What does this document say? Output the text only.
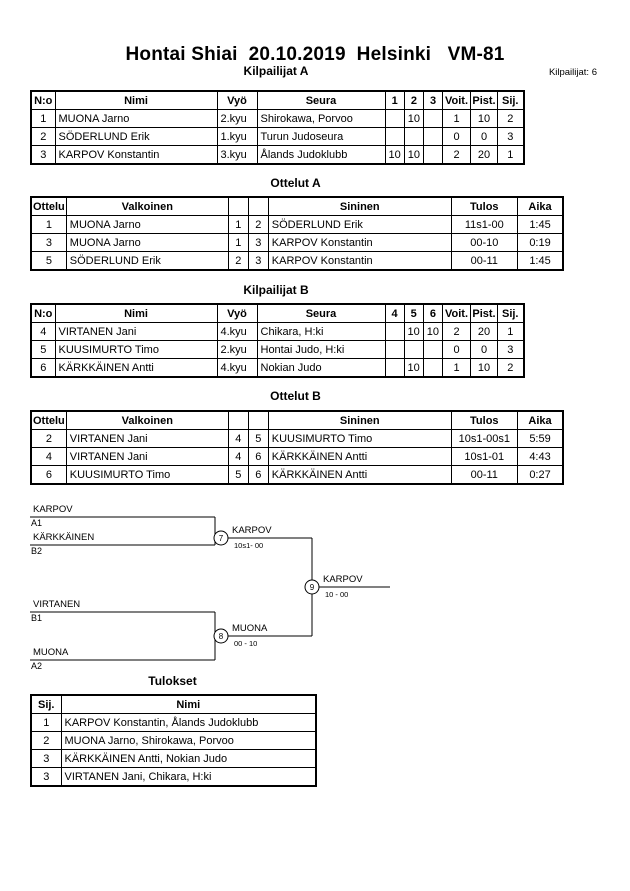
Hontai Shiai  20.10.2019  Helsinki   VM-81
Kilpailijat: 6
Kilpailijat A
N:o	Nimi	Vyö	Seura	1	2	3	Voit.	Pist.	Sij.
1	MUONA Jarno	2.kyu	Shirokawa, Porvoo		10		1	10	2
2	SÖDERLUND Erik	1.kyu	Turun Judoseura				0	0	3
3	KARPOV Konstantin	3.kyu	Ålands Judoklubb	10	10		2	20	1
Ottelut A
Ottelu	Valkoinen			Sininen	Tulos	Aika
1	MUONA Jarno	1	2	SÖDERLUND Erik	11s1-00	1:45
3	MUONA Jarno	1	3	KARPOV Konstantin	00-10	0:19
5	SÖDERLUND Erik	2	3	KARPOV Konstantin	00-11	1:45
Kilpailijat B
N:o	Nimi	Vyö	Seura	4	5	6	Voit.	Pist.	Sij.
4	VIRTANEN Jani	4.kyu	Chikara, H:ki		10	10	2	20	1
5	KUUSIMURTO Timo	2.kyu	Hontai Judo, H:ki				0	0	3
6	KÄRKKÄINEN Antti	4.kyu	Nokian Judo		10		1	10	2
Ottelut B
Ottelu	Valkoinen			Sininen	Tulos	Aika
2	VIRTANEN Jani	4	5	KUUSIMURTO Timo	10s1-00s1	5:59
4	VIRTANEN Jani	4	6	KÄRKKÄINEN Antti	10s1-01	4:43
6	KUUSIMURTO Timo	5	6	KÄRKKÄINEN Antti	00-11	0:27
KARPOV
A1
KÄRKKÄINEN
B2
7
KARPOV
10s1- 00
VIRTANEN
B1
MUONA
A2
8
MUONA
00 - 10
9
KARPOV
10 - 00
Tulokset
Sij.	Nimi
1	KARPOV Konstantin, Ålands Judoklubb
2	MUONA Jarno, Shirokawa, Porvoo
3	KÄRKKÄINEN Antti, Nokian Judo
3	VIRTANEN Jani, Chikara, H:ki
